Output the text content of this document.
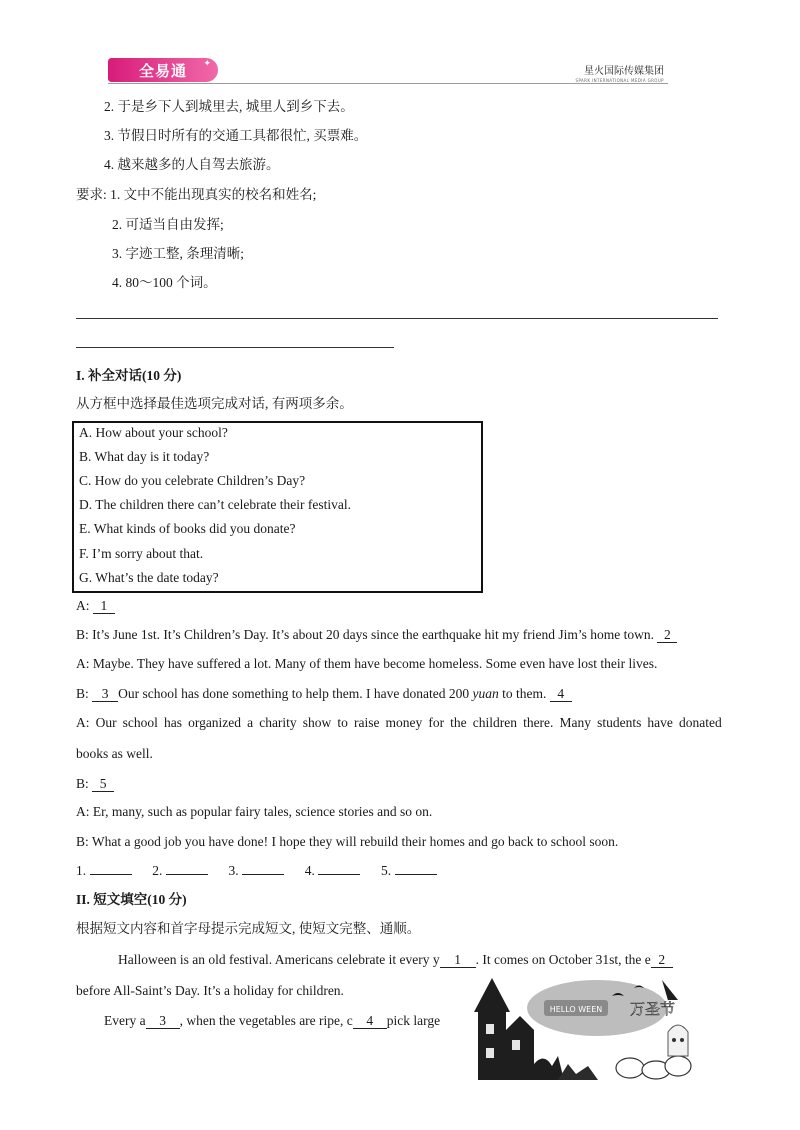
全易通 ✦
星火国际传媒集团
SPARK INTERNATIONAL MEDIA GROUP
2. 于是乡下人到城里去, 城里人到乡下去。
3. 节假日时所有的交通工具都很忙, 买票难。
4. 越来越多的人自驾去旅游。
要求: 1. 文中不能出现真实的校名和姓名;
2. 可适当自由发挥;
3. 字迹工整, 条理清晰;
4. 80～100 个词。
I. 补全对话(10 分)
从方框中选择最佳选项完成对话, 有两项多余。
A. How about your school?
B. What day is it today?
C. How do you celebrate Children’s Day?
D. The children there can’t celebrate their festival.
E. What kinds of books did you donate?
F. I’m sorry about that.
G. What’s the date today?
A: 1
B: It’s June 1st. It’s Children’s Day. It’s about 20 days since the earthquake hit my friend Jim’s home town. 2
A: Maybe. They have suffered a lot. Many of them have become homeless. Some even have lost their lives.
B: 3 Our school has done something to help them. I have donated 200 yuan to them. 4
A: Our school has organized a charity show to raise money for the children there. Many students have donated
books as well.
B: 5
A: Er, many, such as popular fairy tales, science stories and so on.
B: What a good job you have done! I hope they will rebuild their homes and go back to school soon.
1.	2.	3.	4.	5.
II. 短文填空(10 分)
根据短文内容和首字母提示完成短文, 使短文完整、通顺。
Halloween is an old festival. Americans celebrate it every y 1 . It comes on October 31st, the e 2
before All-Saint’s Day. It’s a holiday for children.
Every a 3 , when the vegetables are ripe, c 4 pick large
HELLO WEEN 万圣节
